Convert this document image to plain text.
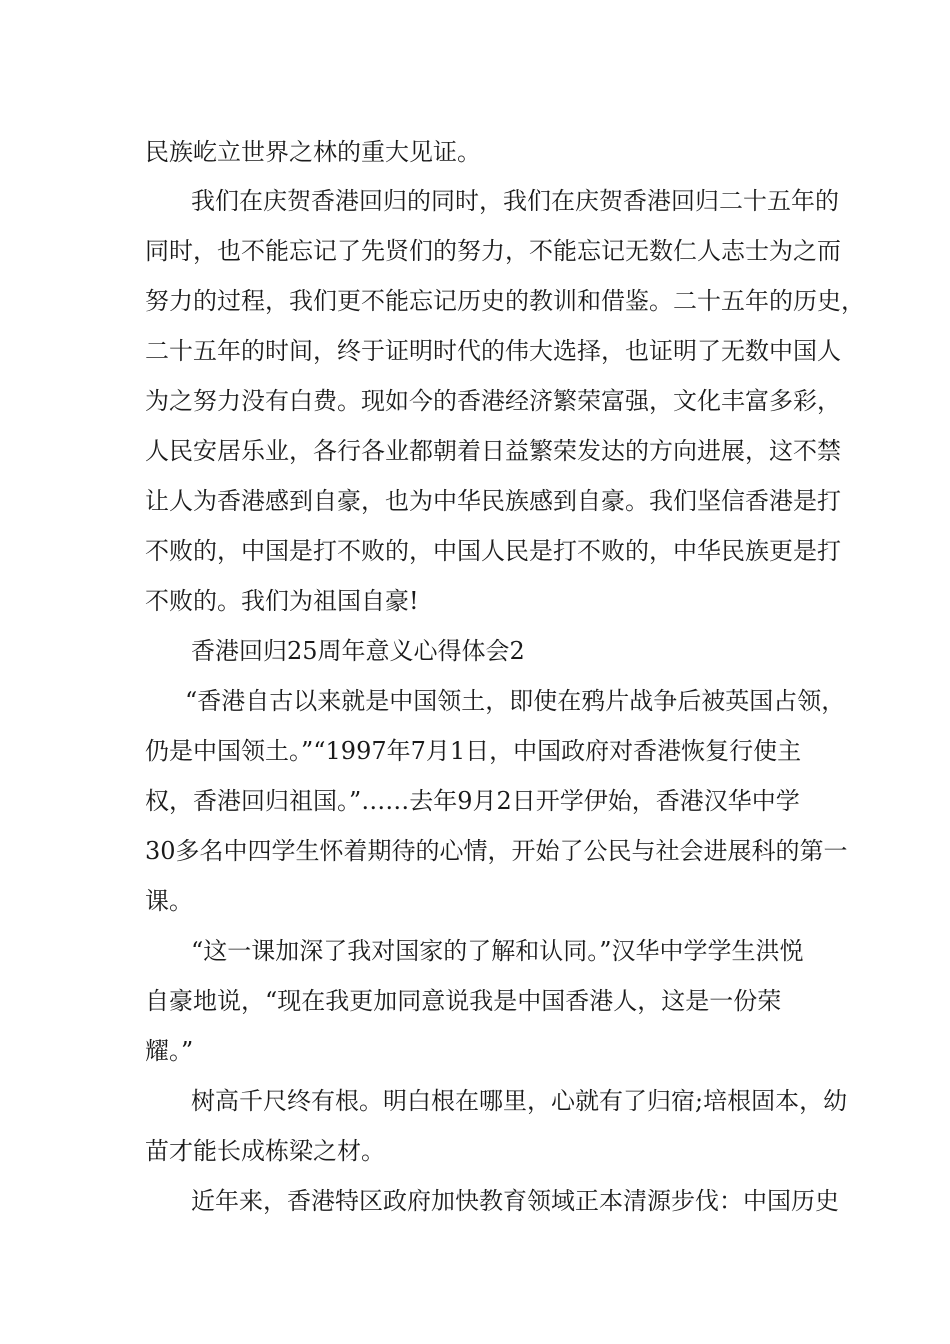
民族屹立世界之林的重大见证。

我们在庆贺香港回归的同时，我们在庆贺香港回归二十五年的

同时，也不能忘记了先贤们的努力，不能忘记无数仁人志士为之而

努力的过程，我们更不能忘记历史的教训和借鉴。二十五年的历史，

二十五年的时间，终于证明时代的伟大选择，也证明了无数中国人

为之努力没有白费。现如今的香港经济繁荣富强，文化丰富多彩，

人民安居乐业，各行各业都朝着日益繁荣发达的方向进展，这不禁

让人为香港感到自豪，也为中华民族感到自豪。我们坚信香港是打

不败的，中国是打不败的，中国人民是打不败的，中华民族更是打

不败的。我们为祖国自豪!

香港回归25周年意义心得体会2

“香港自古以来就是中国领土，即使在鸦片战争后被英国占领，

仍是中国领土。”“1997年7月1日，中国政府对香港恢复行使主

权，香港回归祖国。”……去年9月2日开学伊始，香港汉华中学

30多名中四学生怀着期待的心情，开始了公民与社会进展科的第一

课。

“这一课加深了我对国家的了解和认同。”汉华中学学生洪悦

自豪地说，“现在我更加同意说我是中国香港人，这是一份荣

耀。”

树高千尺终有根。明白根在哪里，心就有了归宿;培根固本，幼

苗才能长成栋梁之材。

近年来，香港特区政府加快教育领域正本清源步伐：中国历史
